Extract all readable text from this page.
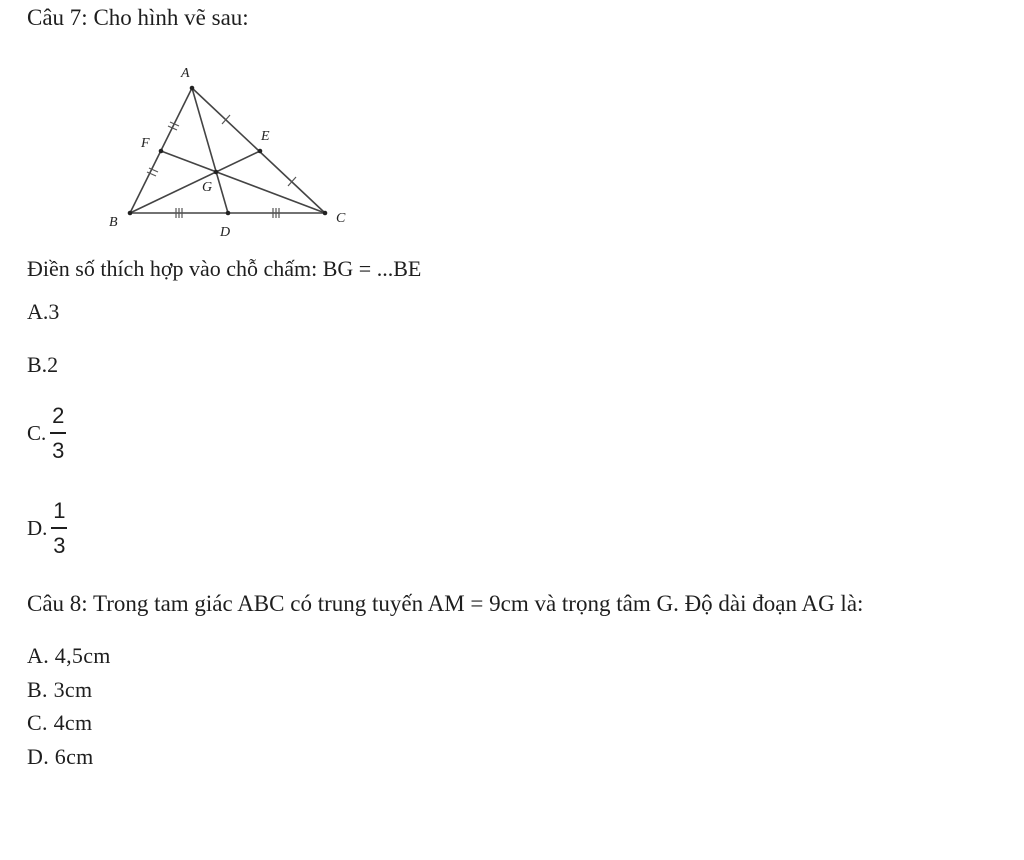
Câu 7: Cho hình vẽ sau:
A
B	C
D
E
F
G
Điền số thích hợp vào chỗ chấm: BG = ...BE
A.3
B.2
C. $\frac{2}{3}$
D. $\frac{1}{3}$
Câu 8: Trong tam giác ABC có trung tuyến AM = 9cm và trọng tâm G. Độ dài đoạn AG là:
A. 4,5cm
B. 3cm
C. 4cm
D. 6cm
